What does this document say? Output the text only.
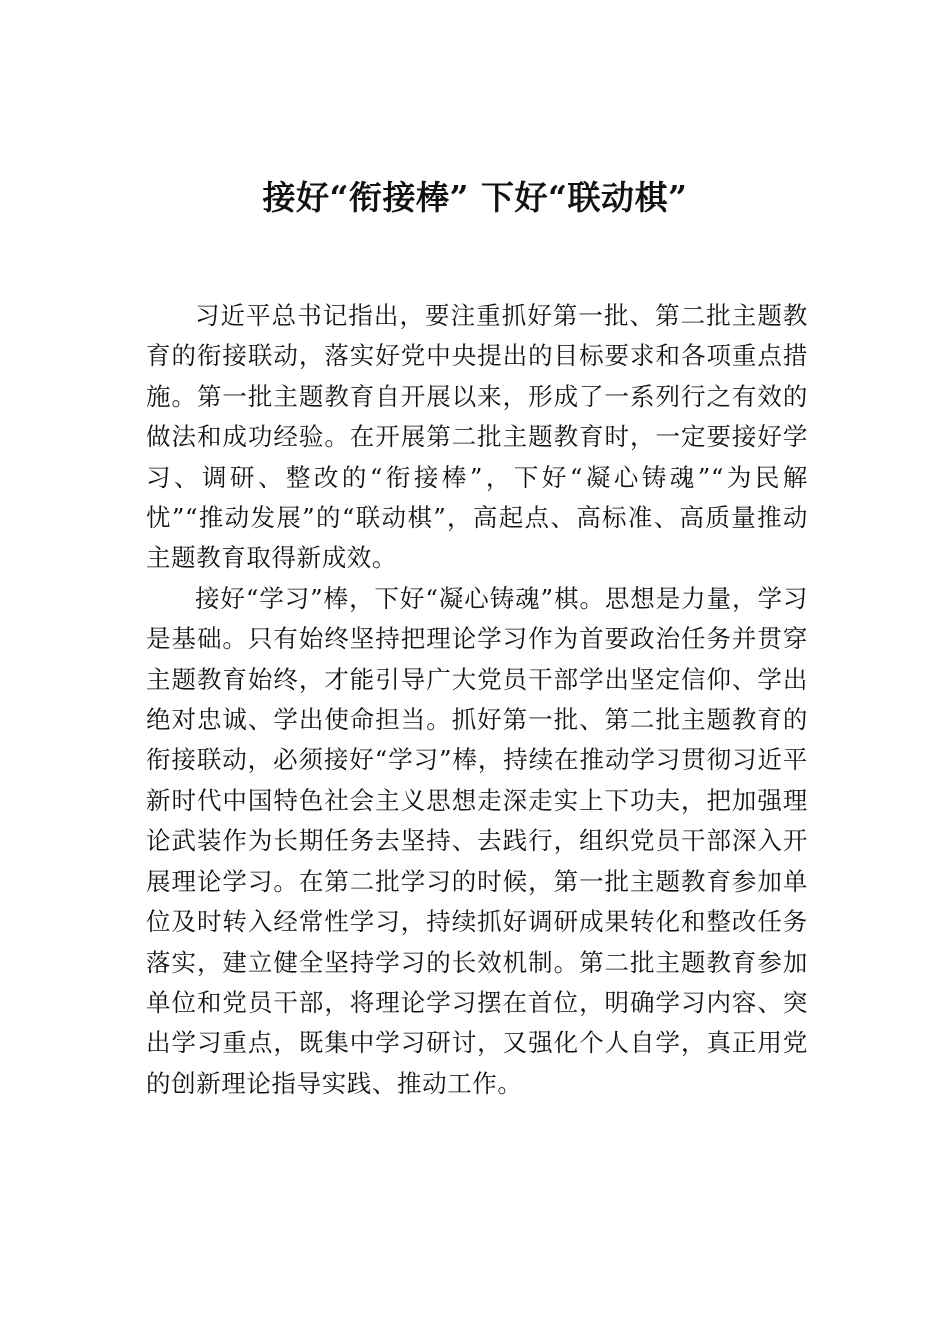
接好“衔接棒” 下好“联动棋”

习近平总书记指出，要注重抓好第一批、第二批主题教育的衔接联动，落实好党中央提出的目标要求和各项重点措施。第一批主题教育自开展以来，形成了一系列行之有效的做法和成功经验。在开展第二批主题教育时，一定要接好学习、调研、整改的“衔接棒”，下好“凝心铸魂”“为民解忧”“推动发展”的“联动棋”，高起点、高标准、高质量推动主题教育取得新成效。

接好“学习”棒，下好“凝心铸魂”棋。思想是力量，学习是基础。只有始终坚持把理论学习作为首要政治任务并贯穿主题教育始终，才能引导广大党员干部学出坚定信仰、学出绝对忠诚、学出使命担当。抓好第一批、第二批主题教育的衔接联动，必须接好“学习”棒，持续在推动学习贯彻习近平新时代中国特色社会主义思想走深走实上下功夫，把加强理论武装作为长期任务去坚持、去践行，组织党员干部深入开展理论学习。在第二批学习的时候，第一批主题教育参加单位及时转入经常性学习，持续抓好调研成果转化和整改任务落实，建立健全坚持学习的长效机制。第二批主题教育参加单位和党员干部，将理论学习摆在首位，明确学习内容、突出学习重点，既集中学习研讨，又强化个人自学，真正用党的创新理论指导实践、推动工作。
